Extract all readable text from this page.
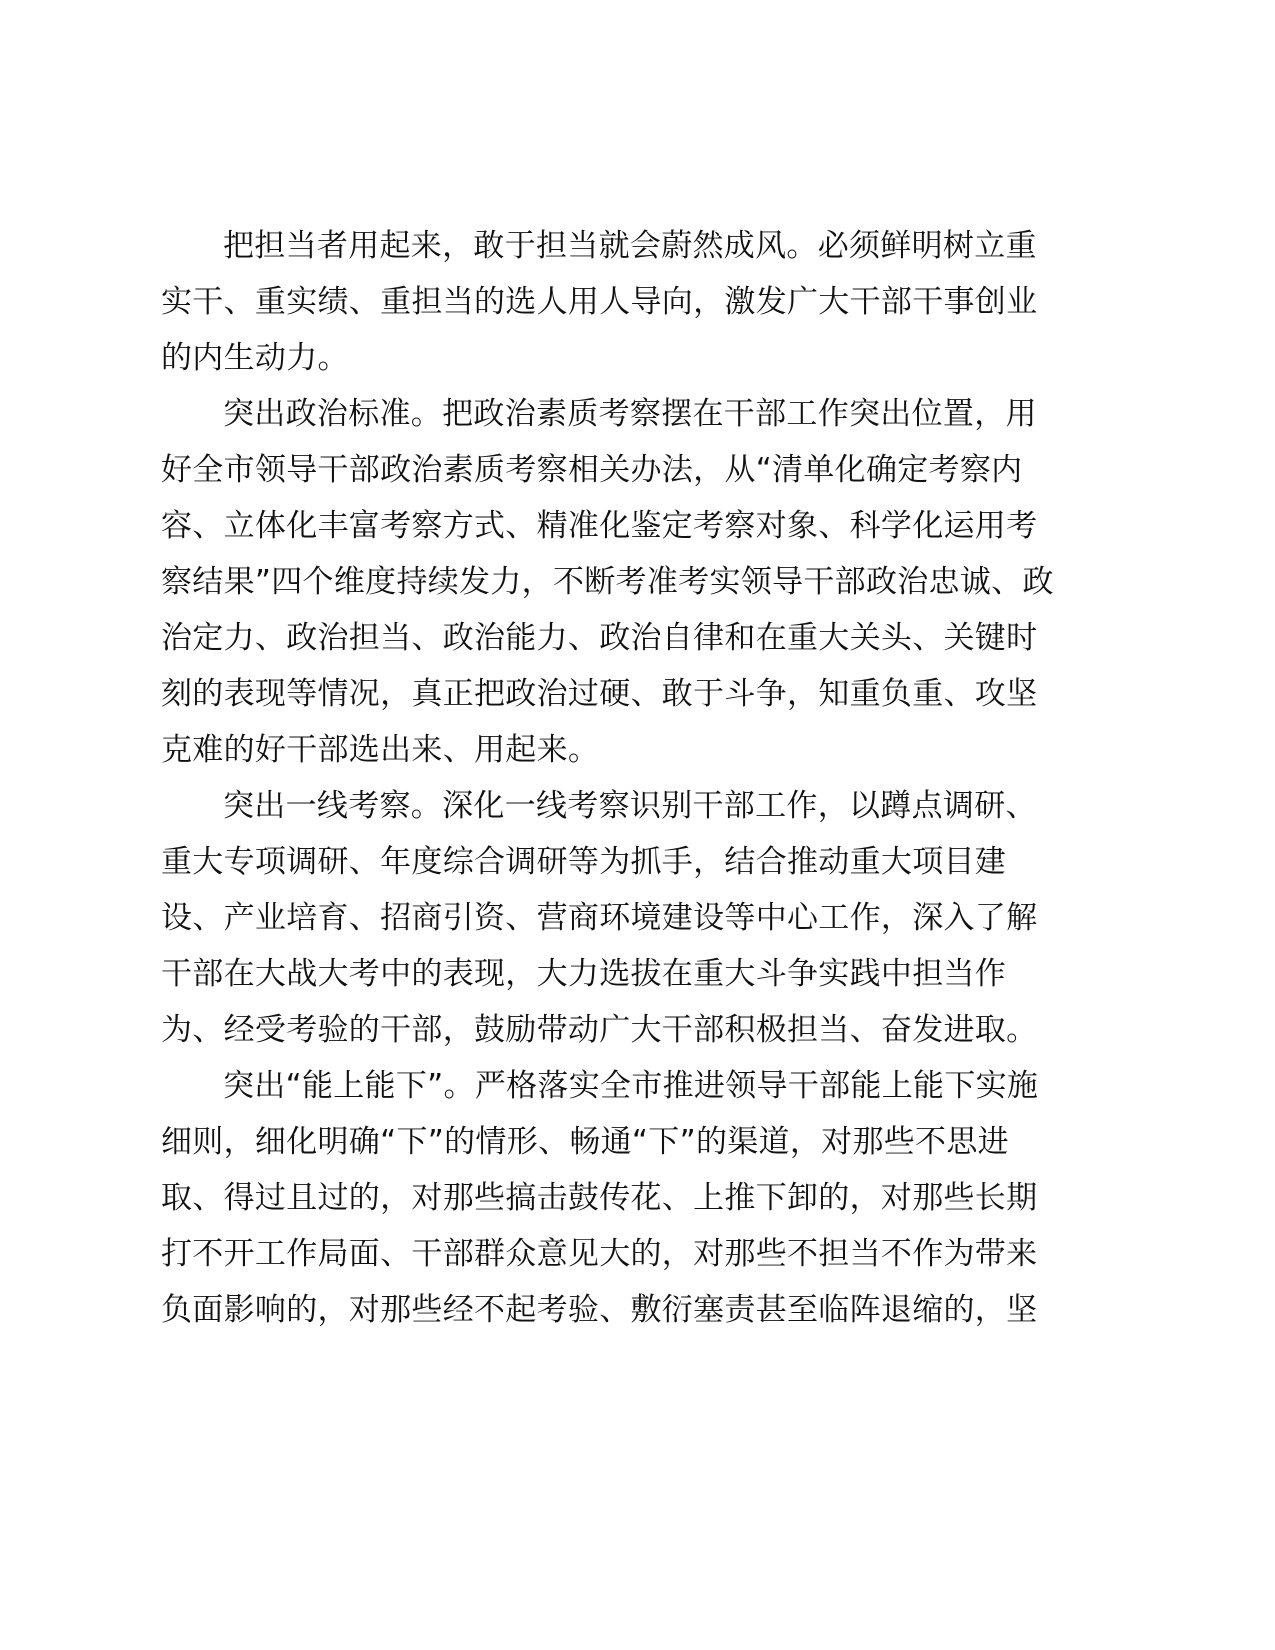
把担当者用起来，敢于担当就会蔚然成风。必须鲜明树立重
实干、重实绩、重担当的选人用人导向，激发广大干部干事创业
的内生动力。
突出政治标准。把政治素质考察摆在干部工作突出位置，用
好全市领导干部政治素质考察相关办法，从“清单化确定考察内
容、立体化丰富考察方式、精准化鉴定考察对象、科学化运用考
察结果”四个维度持续发力，不断考准考实领导干部政治忠诚、政
治定力、政治担当、政治能力、政治自律和在重大关头、关键时
刻的表现等情况，真正把政治过硬、敢于斗争，知重负重、攻坚
克难的好干部选出来、用起来。
突出一线考察。深化一线考察识别干部工作，以蹲点调研、
重大专项调研、年度综合调研等为抓手，结合推动重大项目建
设、产业培育、招商引资、营商环境建设等中心工作，深入了解
干部在大战大考中的表现，大力选拔在重大斗争实践中担当作
为、经受考验的干部，鼓励带动广大干部积极担当、奋发进取。
突出“能上能下”。严格落实全市推进领导干部能上能下实施
细则，细化明确“下”的情形、畅通“下”的渠道，对那些不思进
取、得过且过的，对那些搞击鼓传花、上推下卸的，对那些长期
打不开工作局面、干部群众意见大的，对那些不担当不作为带来
负面影响的，对那些经不起考验、敷衍塞责甚至临阵退缩的，坚
